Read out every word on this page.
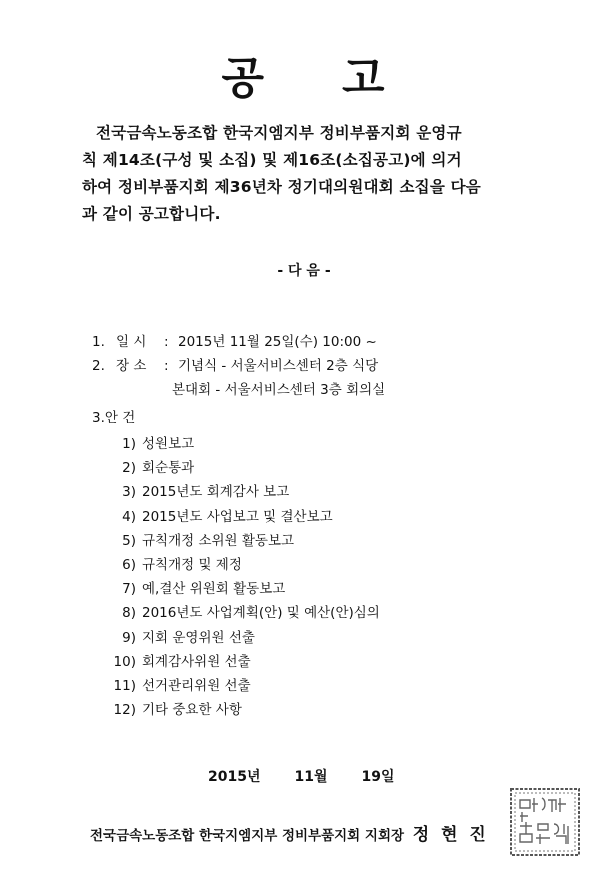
공 고
전국금속노동조합 한국지엠지부 정비부품지회 운영규
칙 제14조(구성 및 소집) 및 제16조(소집공고)에 의거
하여 정비부품지회 제36년차 정기대의원대회 소집을 다음
과 같이 공고합니다.
- 다 음 -
1. 일 시 : 2015년 11월 25일(수) 10:00 ~
2. 장 소 : 기념식 - 서울서비스센터 2층 식당
본대회 - 서울서비스센터 3층 회의실
3.안 건
1) 성원보고
2) 회순통과
3) 2015년도 회계감사 보고
4) 2015년도 사업보고 및 결산보고
5) 규칙개정 소위원 활동보고
6) 규칙개정 및 제정
7) 예,결산 위원회 활동보고
8) 2016년도 사업계획(안) 및 예산(안)심의
9) 지회 운영위원 선출
10) 회계감사위원 선출
11) 선거관리위원 선출
12) 기타 중요한 사항
2015년 11월 19일
전국금속노동조합 한국지엠지부 정비부품지회 지회장 정 현 진
